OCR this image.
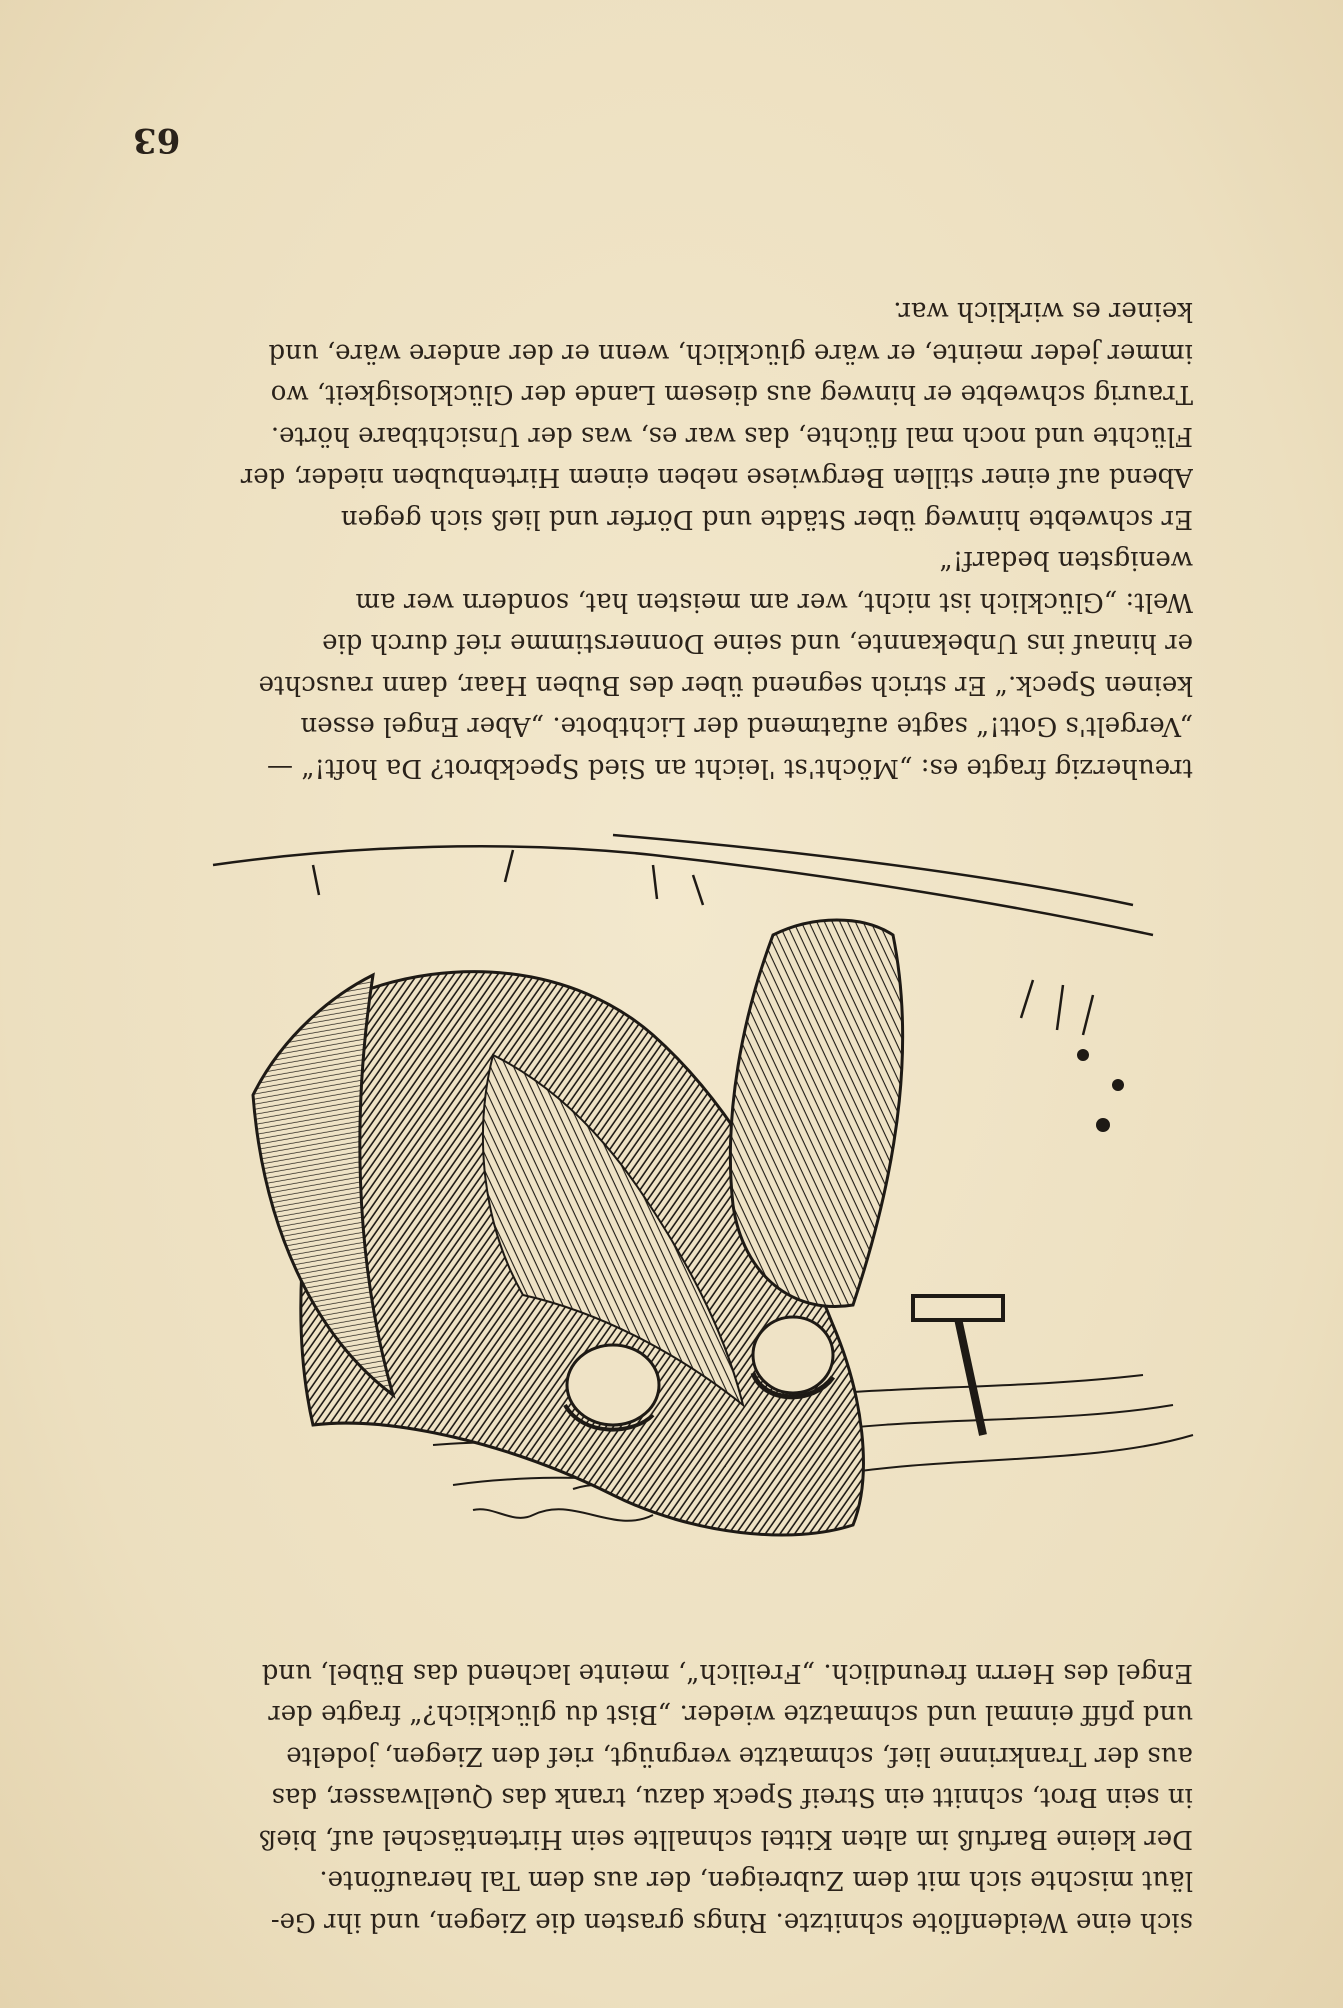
63
sich eine Weidenflöte schnitzte. Rings grasten die Ziegen, und ihr Ge-
läut mischte sich mit dem Zubreigen, der aus dem Tal heraufönte.
Der kleine Barfuß im alten Kittel schnallte sein Hirtentäschel auf, bieß
in sein Brot, schnitt ein Streif Speck dazu, trank das Quellwasser, das
aus der Trankrinne lief, schmatzte vergnügt, rief den Ziegen, jodelte
und pfiff einmal und schmatzte wieder. „Bist du glücklich?“ fragte der
Engel des Herrn freundlich. „Freilich“, meinte lachend das Bübel, und
treuherzig fragte es: „Möcht'st 'leicht an Sied Speckbrot? Da hoft!“ —
„Vergelt's Gott!“ sagte aufatmend der Lichtbote. „Aber Engel essen
keinen Speck.“ Er strich segnend über des Buben Haar, dann rauschte
er hinauf ins Unbekannte, und seine Donnerstimme rief durch die
Welt: „Glücklich ist nicht, wer am meisten hat, sondern wer am
wenigsten bedarf!“
Er schwebte hinweg über Städte und Dörfer und ließ sich gegen
Abend auf einer stillen Bergwiese neben einem Hirtenbuben nieder, der
Flüchte und noch mal flüchte, das war es, was der Unsichtbare hörte.
Traurig schwebte er hinweg aus diesem Lande der Glücklosigkeit, wo
immer jeder meinte, er wäre glücklich, wenn er der andere wäre, und
keiner es wirklich war.
